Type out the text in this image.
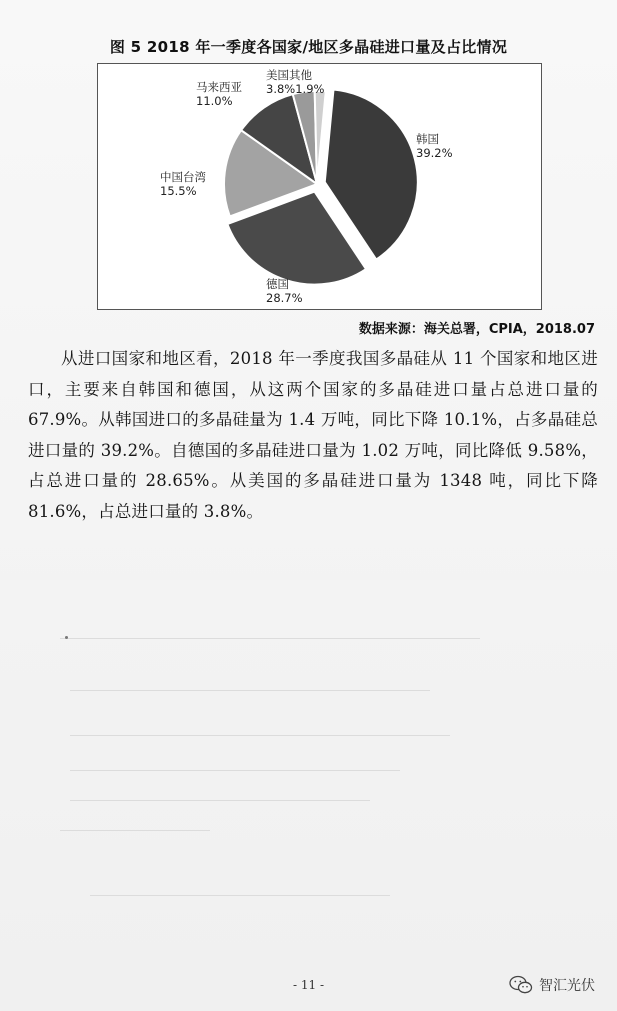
图 5 2018 年一季度各国家/地区多晶硅进口量及占比情况
韩国
39.2%
德国
28.7%
中国台湾
15.5%
马来西亚
11.0%
美国其他
3.8%1.9%
数据来源：海关总署，CPIA，2018.07
从进口国家和地区看，2018 年一季度我国多晶硅从 11 个国家和地区进口，主要来自韩国和德国，从这两个国家的多晶硅进口量占总进口量的 67.9%。从韩国进口的多晶硅量为 1.4 万吨，同比下降 10.1%，占多晶硅总进口量的 39.2%。自德国的多晶硅进口量为 1.02 万吨，同比降低 9.58%，占总进口量的 28.65%。从美国的多晶硅进口量为 1348 吨，同比下降 81.6%，占总进口量的 3.8%。
- 11 -	智汇光伏
